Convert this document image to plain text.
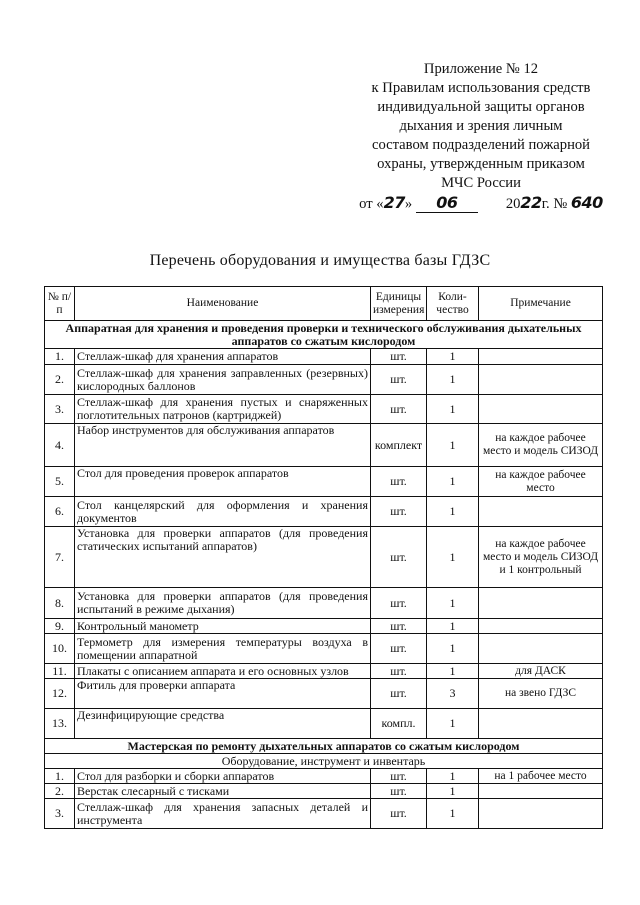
Приложение № 12
к Правилам использования средств
индивидуальной защиты органов
дыхания и зрения личным
составом подразделений пожарной
охраны, утвержденным приказом
МЧС России
от «27» 06	2022г. № 640
Перечень оборудования и имущества базы ГДЗС
№ п/п	Наименование	Единицы измерения	Коли-чество	Примечание
Аппаратная для хранения и проведения проверки и технического обслуживания дыхательных аппаратов со сжатым кислородом				
1.	Стеллаж-шкаф для хранения аппаратов	шт.	1	
2.	Стеллаж-шкаф для хранения заправленных (резервных) кислородных баллонов	шт.	1	
3.	Стеллаж-шкаф для хранения пустых и снаряженных поглотительных патронов (картриджей)	шт.	1	
4.	Набор инструментов для обслуживания аппаратов	комплект	1	на каждое рабочее место и модель СИЗОД
5.	Стол для проведения проверок аппаратов	шт.	1	на каждое рабочее место
6.	Стол канцелярский для оформления и хранения документов	шт.	1	
7.	Установка для проверки аппаратов (для проведения статических испытаний аппаратов)	шт.	1	на каждое рабочее место и модель СИЗОД и 1 контрольный
8.	Установка для проверки аппаратов (для проведения испытаний в режиме дыхания)	шт.	1	
9.	Контрольный манометр	шт.	1	
10.	Термометр для измерения температуры воздуха в помещении аппаратной	шт.	1	
11.	Плакаты с описанием аппарата и его основных узлов	шт.	1	для ДАСК
12.	Фитиль для проверки аппарата	шт.	3	на звено ГДЗС
13.	Дезинфицирующие средства	компл.	1	
Мастерская по ремонту дыхательных аппаратов со сжатым кислородом				
Оборудование, инструмент и инвентарь				
1.	Стол для разборки и сборки аппаратов	шт.	1	на 1 рабочее место
2.	Верстак слесарный с тисками	шт.	1	
3.	Стеллаж-шкаф для хранения запасных деталей и инструмента	шт.	1	
